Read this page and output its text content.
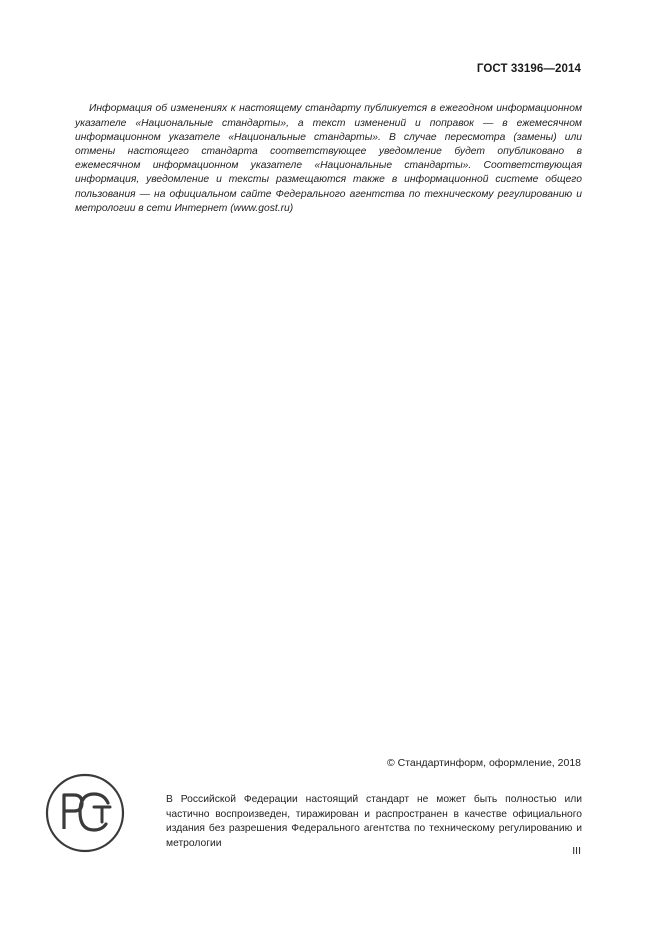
ГОСТ 33196—2014

Информация об изменениях к настоящему стандарту публикуется в ежегодном информационном указателе «Национальные стандарты», а текст изменений и поправок — в ежемесячном информационном указателе «Национальные стандарты». В случае пересмотра (замены) или отмены настоящего стандарта соответствующее уведомление будет опубликовано в ежемесячном информационном указателе «Национальные стандарты». Соответствующая информация, уведомление и тексты размещаются также в информационной системе общего пользования — на официальном сайте Федерального агентства по техническому регулированию и метрологии в сети Интернет (www.gost.ru)

© Стандартинформ, оформление, 2018

В Российской Федерации настоящий стандарт не может быть полностью или частично воспроизведен, тиражирован и распространен в качестве официального издания без разрешения Федерального агентства по техническому регулированию и метрологии

III
